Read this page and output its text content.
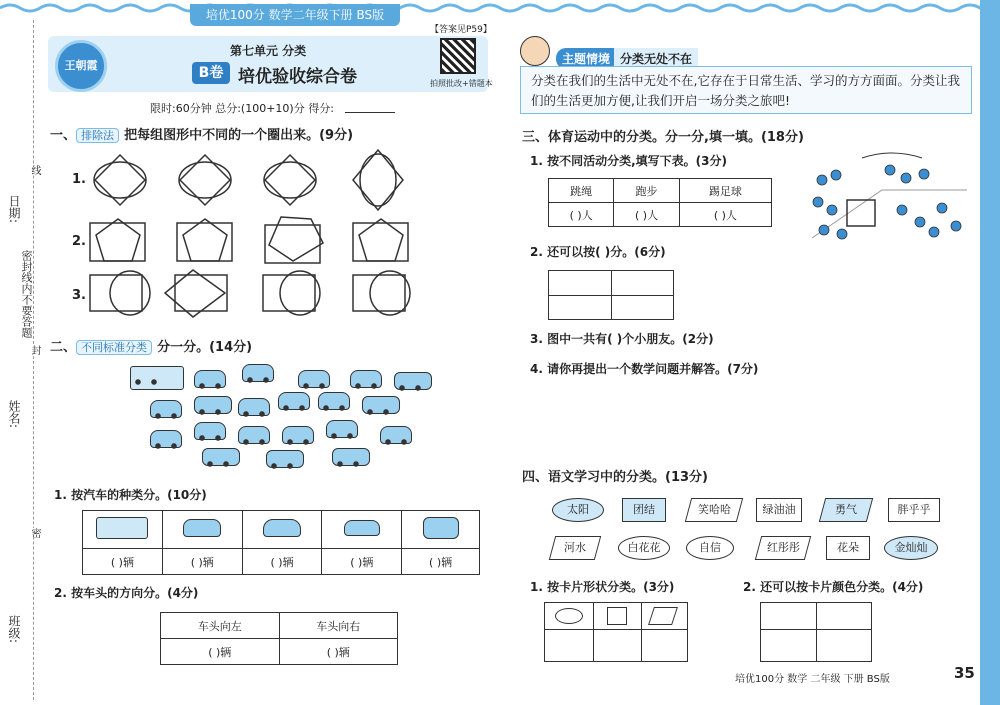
培优100分 数学二年级下册 BS版
日期:
密封线内不要答题
姓名:
班级:
线
封
密
王朝霞
第七单元 分类
B卷 培优验收综合卷
【答案见P59】
拍照批改+错题本
限时:60分钟 总分:(100+10)分 得分:
一、 排除法 把每组图形中不同的一个圈出来。(9分)
1.
2.
3.
二、 不同标准分类 分一分。(14分)
1. 按汽车的种类分。(10分)

( )辆	( )辆	( )辆	( )辆	( )辆
2. 按车头的方向分。(4分)
车头向左	车头向右
( )辆	( )辆
主题情境 分类无处不在
分类在我们的生活中无处不在,它存在于日常生活、学习的方方面面。分类让我们的生活更加方便,让我们开启一场分类之旅吧!
三、体育运动中的分类。分一分,填一填。(18分)
1. 按不同活动分类,填写下表。(3分)
跳绳	跑步	踢足球
( )人	( )人	( )人
2. 还可以按( )分。(6分)
3. 图中一共有( )个小朋友。(2分)
4. 请你再提出一个数学问题并解答。(7分)
四、语文学习中的分类。(13分)
太阳	团结	笑哈哈	绿油油	勇气	胖乎乎
河水	白花花	自信	红彤彤	花朵	金灿灿
1. 按卡片形状分类。(3分)	2. 还可以按卡片颜色分类。(4分)
培优100分 数学 二年级 下册 BS版	35
